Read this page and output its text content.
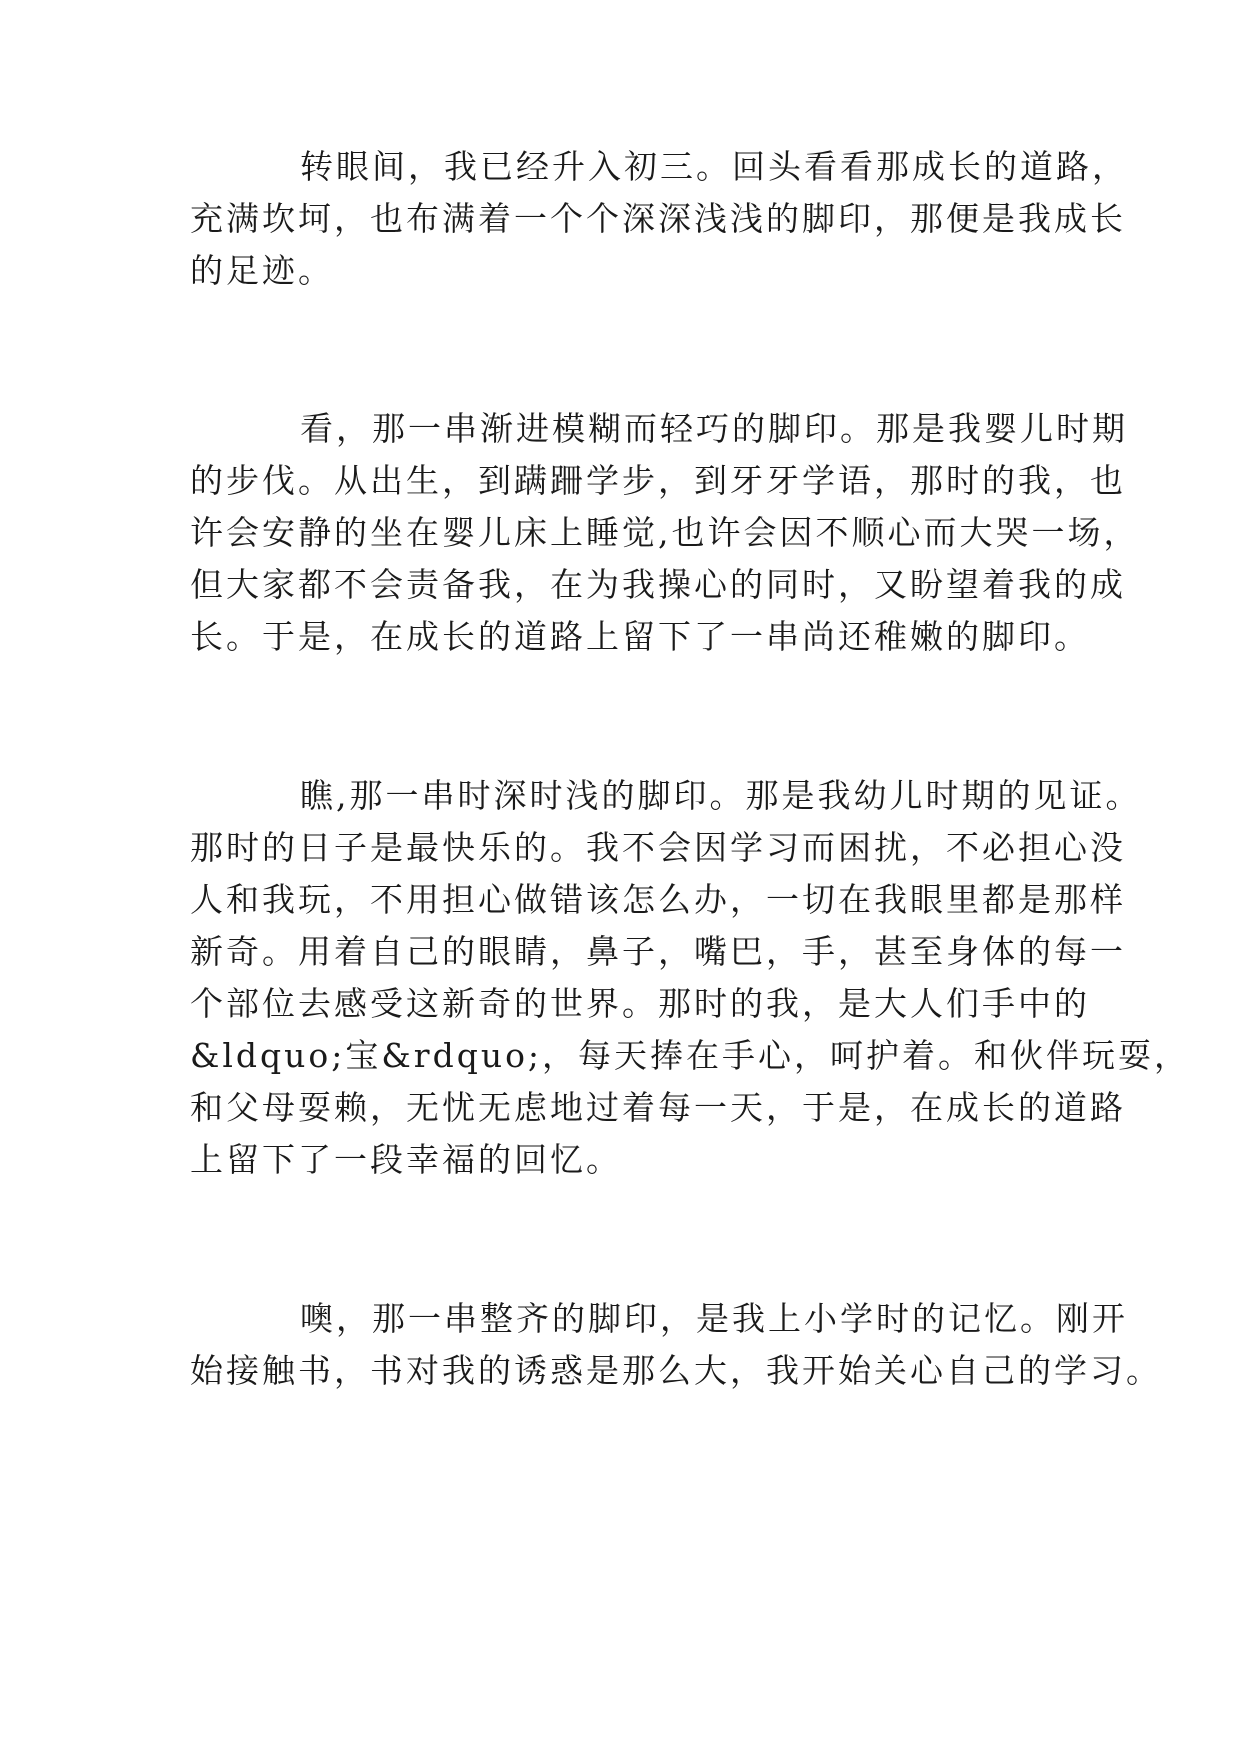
转眼间，我已经升入初三。回头看看那成长的道路，
充满坎坷，也布满着一个个深深浅浅的脚印，那便是我成长
的足迹。
看，那一串渐进模糊而轻巧的脚印。那是我婴儿时期
的步伐。从出生，到蹒跚学步，到牙牙学语，那时的我，也
许会安静的坐在婴儿床上睡觉,也许会因不顺心而大哭一场，
但大家都不会责备我，在为我操心的同时，又盼望着我的成
长。于是，在成长的道路上留下了一串尚还稚嫩的脚印。
瞧,那一串时深时浅的脚印。那是我幼儿时期的见证。
那时的日子是最快乐的。我不会因学习而困扰，不必担心没
人和我玩，不用担心做错该怎么办，一切在我眼里都是那样
新奇。用着自己的眼睛，鼻子，嘴巴，手，甚至身体的每一
个部位去感受这新奇的世界。那时的我，是大人们手中的
&ldquo;宝&rdquo;，每天捧在手心，呵护着。和伙伴玩耍，
和父母耍赖，无忧无虑地过着每一天，于是，在成长的道路
上留下了一段幸福的回忆。
噢，那一串整齐的脚印，是我上小学时的记忆。刚开
始接触书，书对我的诱惑是那么大，我开始关心自己的学习。
